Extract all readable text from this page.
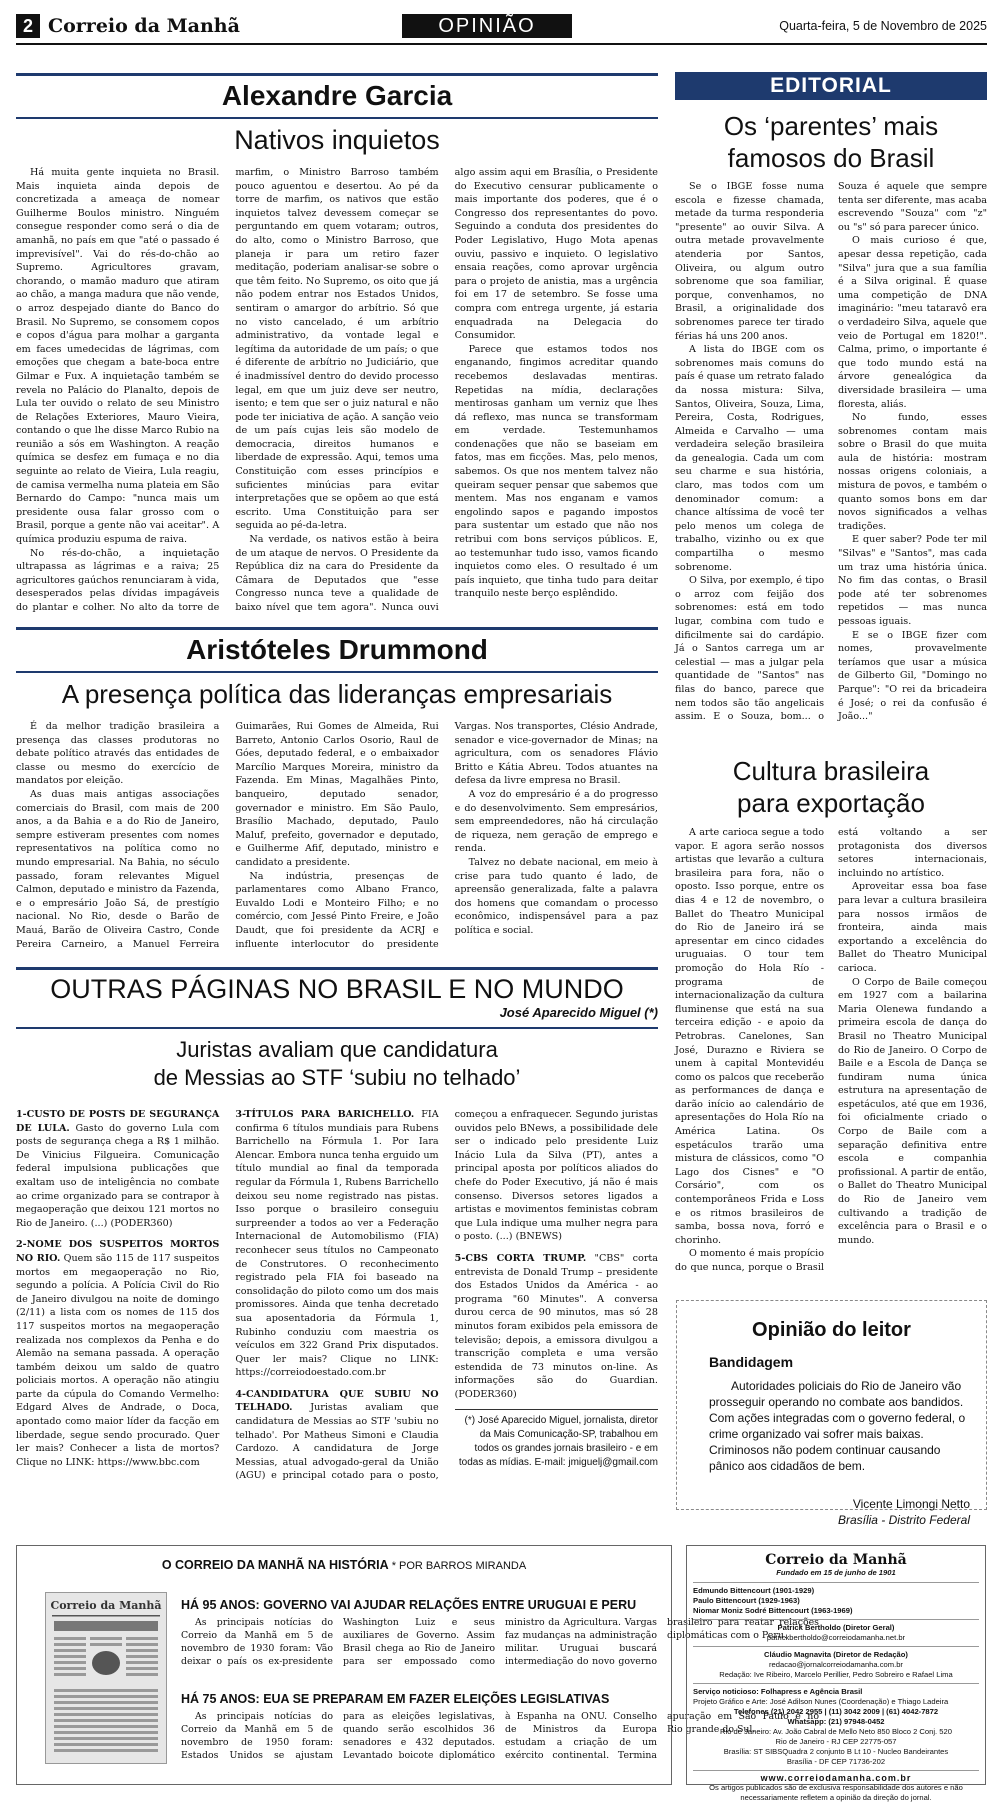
2 Correio da Manhã	OPINIÃO	Quarta-feira, 5 de Novembro de 2025
Alexandre Garcia
Nativos inquietos

Há muita gente inquieta no Brasil. Mais inquieta ainda depois de concretizada a ameaça de nomear Guilherme Boulos ministro. Ninguém consegue responder como será o dia de amanhã, no país em que "até o passado é imprevisível". Vai do rés-do-chão ao Supremo. Agricultores gravam, chorando, o mamão maduro que atiram ao chão, a manga madura que não vende, o arroz despejado diante do Banco do Brasil. No Supremo, se consomem copos e copos d'água para molhar a garganta em faces umedecidas de lágrimas, com emoções que chegam a bate-boca entre Gilmar e Fux. A inquietação também se revela no Palácio do Planalto, depois de Lula ter ouvido o relato de seu Ministro de Relações Exteriores, Mauro Vieira, contando o que lhe disse Marco Rubio na reunião a sós em Washington. A reação química se desfez em fumaça e no dia seguinte ao relato de Vieira, Lula reagiu, de camisa vermelha numa plateia em São Bernardo do Campo: "nunca mais um presidente ousa falar grosso com o Brasil, porque a gente não vai aceitar". A química produziu espuma de raiva.

No rés-do-chão, a inquietação ultrapassa as lágrimas e a raiva; 25 agricultores gaúchos renunciaram à vida, desesperados pelas dívidas impagáveis do plantar e colher. No alto da torre de marfim, o Ministro Barroso também pouco aguentou e desertou. Ao pé da torre de marfim, os nativos que estão inquietos talvez devessem começar se perguntando em quem votaram; outros, do alto, como o Ministro Barroso, que planeja ir para um retiro fazer meditação, poderiam analisar-se sobre o que têm feito. No Supremo, os oito que já não podem entrar nos Estados Unidos, sentiram o amargor do arbítrio. Só que no visto cancelado, é um arbítrio administrativo, da vontade legal e legítima da autoridade de um país; o que é diferente de arbítrio no Judiciário, que é inadmissível dentro do devido processo legal, em que um juiz deve ser neutro, isento; e tem que ser o juiz natural e não pode ter iniciativa de ação. A sanção veio de um país cujas leis são modelo de democracia, direitos humanos e liberdade de expressão. Aqui, temos uma Constituição com esses princípios e suficientes minúcias para evitar interpretações que se opõem ao que está escrito. Uma Constituição para ser seguida ao pé-da-letra.

Na verdade, os nativos estão à beira de um ataque de nervos. O Presidente da República diz na cara do Presidente da Câmara de Deputados que "esse Congresso nunca teve a qualidade de baixo nível que tem agora". Nunca ouvi algo assim aqui em Brasília, o Presidente do Executivo censurar publicamente o mais importante dos poderes, que é o Congresso dos representantes do povo. Seguindo a conduta dos presidentes do Poder Legislativo, Hugo Mota apenas ouviu, passivo e inquieto. O legislativo ensaia reações, como aprovar urgência para o projeto de anistia, mas a urgência foi em 17 de setembro. Se fosse uma compra com entrega urgente, já estaria enquadrada na Delegacia do Consumidor.

Parece que estamos todos nos enganando, fingimos acreditar quando recebemos deslavadas mentiras. Repetidas na mídia, declarações mentirosas ganham um verniz que lhes dá reflexo, mas nunca se transformam em verdade. Testemunhamos condenações que não se baseiam em fatos, mas em ficções. Mas, pelo menos, sabemos. Os que nos mentem talvez não queiram sequer pensar que sabemos que mentem. Mas nos enganam e vamos engolindo sapos e pagando impostos para sustentar um estado que não nos retribui com bons serviços públicos. E, ao testemunhar tudo isso, vamos ficando inquietos como eles. O resultado é um país inquieto, que tinha tudo para deitar tranquilo neste berço esplêndido.

Aristóteles Drummond
A presença política das lideranças empresariais

É da melhor tradição brasileira a presença das classes produtoras no debate político através das entidades de classe ou mesmo do exercício de mandatos por eleição.

As duas mais antigas associações comerciais do Brasil, com mais de 200 anos, a da Bahia e a do Rio de Janeiro, sempre estiveram presentes com nomes representativos na política como no mundo empresarial. Na Bahia, no século passado, foram relevantes Miguel Calmon, deputado e ministro da Fazenda, e o empresário João Sá, de prestígio nacional. No Rio, desde o Barão de Mauá, Barão de Oliveira Castro, Conde Pereira Carneiro, a Manuel Ferreira Guimarães, Rui Gomes de Almeida, Rui Barreto, Antonio Carlos Osorio, Raul de Góes, deputado federal, e o embaixador Marcílio Marques Moreira, ministro da Fazenda. Em Minas, Magalhães Pinto, banqueiro, deputado senador, governador e ministro. Em São Paulo, Brasílio Machado, deputado, Paulo Maluf, prefeito, governador e deputado, e Guilherme Afif, deputado, ministro e candidato a presidente.

Na indústria, presenças de parlamentares como Albano Franco, Euvaldo Lodi e Monteiro Filho; e no comércio, com Jessé Pinto Freire, e João Daudt, que foi presidente da ACRJ e influente interlocutor do presidente Vargas. Nos transportes, Clésio Andrade, senador e vice-governador de Minas; na agricultura, com os senadores Flávio Britto e Kátia Abreu. Todos atuantes na defesa da livre empresa no Brasil.

A voz do empresário é a do progresso e do desenvolvimento. Sem empresários, sem empreendedores, não há circulação de riqueza, nem geração de emprego e renda.

Talvez no debate nacional, em meio à crise para tudo quanto é lado, de apreensão generalizada, falte a palavra dos homens que comandam o processo econômico, indispensável para a paz política e social.

OUTRAS PÁGINAS NO BRASIL E NO MUNDO
José Aparecido Miguel (*)
Juristas avaliam que candidatura
de Messias ao STF ‘subiu no telhado’

1-CUSTO DE POSTS DE SEGURANÇA DE LULA. Gasto do governo Lula com posts de segurança chega a R$ 1 milhão. De Vinicius Filgueira. Comunicação federal impulsiona publicações que exaltam uso de inteligência no combate ao crime organizado para se contrapor à megaoperação que deixou 121 mortos no Rio de Janeiro. (...) (PODER360)

2-NOME DOS SUSPEITOS MORTOS NO RIO. Quem são 115 de 117 suspeitos mortos em megaoperação no Rio, segundo a polícia. A Polícia Civil do Rio de Janeiro divulgou na noite de domingo (2/11) a lista com os nomes de 115 dos 117 suspeitos mortos na megaoperação realizada nos complexos da Penha e do Alemão na semana passada. A operação também deixou um saldo de quatro policiais mortos. A operação não atingiu parte da cúpula do Comando Vermelho: Edgard Alves de Andrade, o Doca, apontado como maior líder da facção em liberdade, segue sendo procurado. Quer ler mais? Conhecer a lista de mortos? Clique no LINK: https://www.bbc.com

3-TÍTULOS PARA BARICHELLO. FIA confirma 6 títulos mundiais para Rubens Barrichello na Fórmula 1. Por Iara Alencar. Embora nunca tenha erguido um título mundial ao final da temporada regular da Fórmula 1, Rubens Barrichello deixou seu nome registrado nas pistas. Isso porque o brasileiro conseguiu surpreender a todos ao ver a Federação Internacional de Automobilismo (FIA) reconhecer seus títulos no Campeonato de Construtores. O reconhecimento registrado pela FIA foi baseado na consolidação do piloto como um dos mais promissores. Ainda que tenha decretado sua aposentadoria da Fórmula 1, Rubinho conduziu com maestria os veículos em 322 Grand Prix disputados. Quer ler mais? Clique no LINK: https://correiodoestado.com.br

4-CANDIDATURA QUE SUBIU NO TELHADO. Juristas avaliam que candidatura de Messias ao STF 'subiu no telhado'. Por Matheus Simoni e Claudia Cardozo. A candidatura de Jorge Messias, atual advogado-geral da União (AGU) e principal cotado para o posto, começou a enfraquecer. Segundo juristas ouvidos pelo BNews, a possibilidade dele ser o indicado pelo presidente Luiz Inácio Lula da Silva (PT), antes a principal aposta por políticos aliados do chefe do Poder Executivo, já não é mais consenso. Diversos setores ligados a artistas e movimentos feministas cobram que Lula indique uma mulher negra para o posto. (...) (BNEWS)

5-CBS CORTA TRUMP. "CBS" corta entrevista de Donald Trump – presidente dos Estados Unidos da América - ao programa "60 Minutes". A conversa durou cerca de 90 minutos, mas só 28 minutos foram exibidos pela emissora de televisão; depois, a emissora divulgou a transcrição completa e uma versão estendida de 73 minutos on-line. As informações são do Guardian. (PODER360)

(*) José Aparecido Miguel, jornalista, diretor da Mais Comunicação-SP, trabalhou em todos os grandes jornais brasileiro - e em todas as mídias. E-mail: jmiguelj@gmail.com
EDITORIAL
Os ‘parentes’ mais famosos do Brasil

Se o IBGE fosse numa escola e fizesse chamada, metade da turma responderia "presente" ao ouvir Silva. A outra metade provavelmente atenderia por Santos, Oliveira, ou algum outro sobrenome que soa familiar, porque, convenhamos, no Brasil, a originalidade dos sobrenomes parece ter tirado férias há uns 200 anos.

A lista do IBGE com os sobrenomes mais comuns do país é quase um retrato falado da nossa mistura: Silva, Santos, Oliveira, Souza, Lima, Pereira, Costa, Rodrigues, Almeida e Carvalho — uma verdadeira seleção brasileira da genealogia. Cada um com seu charme e sua história, claro, mas todos com um denominador comum: a chance altíssima de você ter pelo menos um colega de trabalho, vizinho ou ex que compartilha o mesmo sobrenome.

O Silva, por exemplo, é tipo o arroz com feijão dos sobrenomes: está em todo lugar, combina com tudo e dificilmente sai do cardápio. Já o Santos carrega um ar celestial — mas a julgar pela quantidade de "Santos" nas filas do banco, parece que nem todos são tão angelicais assim. E o Souza, bom... o Souza é aquele que sempre tenta ser diferente, mas acaba escrevendo "Souza" com "z" ou "s" só para parecer único.

O mais curioso é que, apesar dessa repetição, cada "Silva" jura que a sua família é a Silva original. É quase uma competição de DNA imaginário: "meu tataravô era o verdadeiro Silva, aquele que veio de Portugal em 1820!". Calma, primo, o importante é que todo mundo está na árvore genealógica da diversidade brasileira — uma floresta, aliás.

No fundo, esses sobrenomes contam mais sobre o Brasil do que muita aula de história: mostram nossas origens coloniais, a mistura de povos, e também o quanto somos bons em dar novos significados a velhas tradições.

E quer saber? Pode ter mil "Silvas" e "Santos", mas cada um traz uma história única. No fim das contas, o Brasil pode até ter sobrenomes repetidos — mas nunca pessoas iguais.

E se o IBGE fizer com nomes, provavelmente teríamos que usar a música de Gilberto Gil, "Domingo no Parque": "O rei da bricadeira é José; o rei da confusão é João..."

Cultura brasileira
para exportação

A arte carioca segue a todo vapor. E agora serão nossos artistas que levarão a cultura brasileira para fora, não o oposto. Isso porque, entre os dias 4 e 12 de novembro, o Ballet do Theatro Municipal do Rio de Janeiro irá se apresentar em cinco cidades uruguaias. O tour tem promoção do Hola Río - programa de internacionalização da cultura fluminense que está na sua terceira edição - e apoio da Petrobras. Canelones, San José, Durazno e Riviera se unem à capital Montevidéu como os palcos que receberão as performances de dança e darão início ao calendário de apresentações do Hola Río na América Latina. Os espetáculos trarão uma mistura de clássicos, como "O Lago dos Cisnes" e "O Corsário", com os contemporâneos Frida e Loss e os ritmos brasileiros de samba, bossa nova, forró e chorinho.

O momento é mais propício do que nunca, porque o Brasil está voltando a ser protagonista dos diversos setores internacionais, incluindo no artístico.

Aproveitar essa boa fase para levar a cultura brasileira para nossos irmãos de fronteira, ainda mais exportando a excelência do Ballet do Theatro Municipal carioca.

O Corpo de Baile começou em 1927 com a bailarina Maria Olenewa fundando a primeira escola de dança do Brasil no Theatro Municipal do Rio de Janeiro. O Corpo de Baile e a Escola de Dança se fundiram numa única estrutura na apresentação de espetáculos, até que em 1936, foi oficialmente criado o Corpo de Baile com a separação definitiva entre escola e companhia profissional. A partir de então, o Ballet do Theatro Municipal do Rio de Janeiro vem cultivando a tradição de excelência para o Brasil e o mundo.

Opinião do leitor
Bandidagem
Autoridades policiais do Rio de Janeiro vão prosseguir operando no combate aos bandidos. Com ações integradas com o governo federal, o crime organizado vai sofrer mais baixas. Criminosos não podem continuar causando pânico aos cidadãos de bem.
Vicente Limongi Netto
Brasília - Distrito Federal
O CORREIO DA MANHÃ NA HISTÓRIA * POR BARROS MIRANDA
Correio da Manhã HÁ 95 ANOS: GOVERNO VAI AJUDAR RELAÇÕES ENTRE URUGUAI E PERU

As principais notícias do Correio da Manhã em 5 de novembro de 1930 foram: Vão deixar o país os ex-presidente Washington Luiz e seus auxiliares de Governo. Assim Brasil chega ao Rio de Janeiro para ser empossado como ministro da Agricultura. Vargas faz mudanças na administração militar. Uruguai buscará intermediação do novo governo brasileiro para reatar relações diplomáticas com o Peru.

HÁ 75 ANOS: EUA SE PREPARAM EM FAZER ELEIÇÕES LEGISLATIVAS

As principais notícias do Correio da Manhã em 5 de novembro de 1950 foram: Estados Unidos se ajustam para as eleições legislativas, quando serão escolhidos 36 senadores e 432 deputados. Levantado boicote diplomático à Espanha na ONU. Conselho de Ministros da Europa estudam a criação de um exército continental. Termina apuração em São Paulo e no Rio grande do Sul.

Correio da Manhã
Fundado em 15 de junho de 1901
Edmundo Bittencourt (1901-1929)
Paulo Bittencourt (1929-1963)
Niomar Moniz Sodré Bittencourt (1963-1969)
Patrick Bertholdo (Diretor Geral)
patrickbertholdo@correiodamanha.net.br
Cláudio Magnavita (Diretor de Redação)
redacao@jornalcorreiodamanha.com.br
Redação: Ive Ribeiro, Marcelo Perillier, Pedro Sobreiro e Rafael Lima
Serviço noticioso: Folhapress e Agência Brasil
Projeto Gráfico e Arte: José Adilson Nunes (Coordenação) e Thiago Ladeira
Telefones (21) 2042 2955 | (11) 3042 2009 | (61) 4042-7872
Whatsapp: (21) 97948-0452
Rio de Janeiro: Av. João Cabral de Mello Neto 850 Bloco 2 Conj. 520
Rio de Janeiro - RJ CEP 22775-057
Brasília: ST SIBSQuadra 2 conjunto B Lt 10 - Nucleo Bandeirantes
Brasília - DF CEP 71736-202
www.correiodamanha.com.br
Os artigos publicados são de exclusiva responsabilidade dos autores e não necessariamente refletem a opinião da direção do jornal.
